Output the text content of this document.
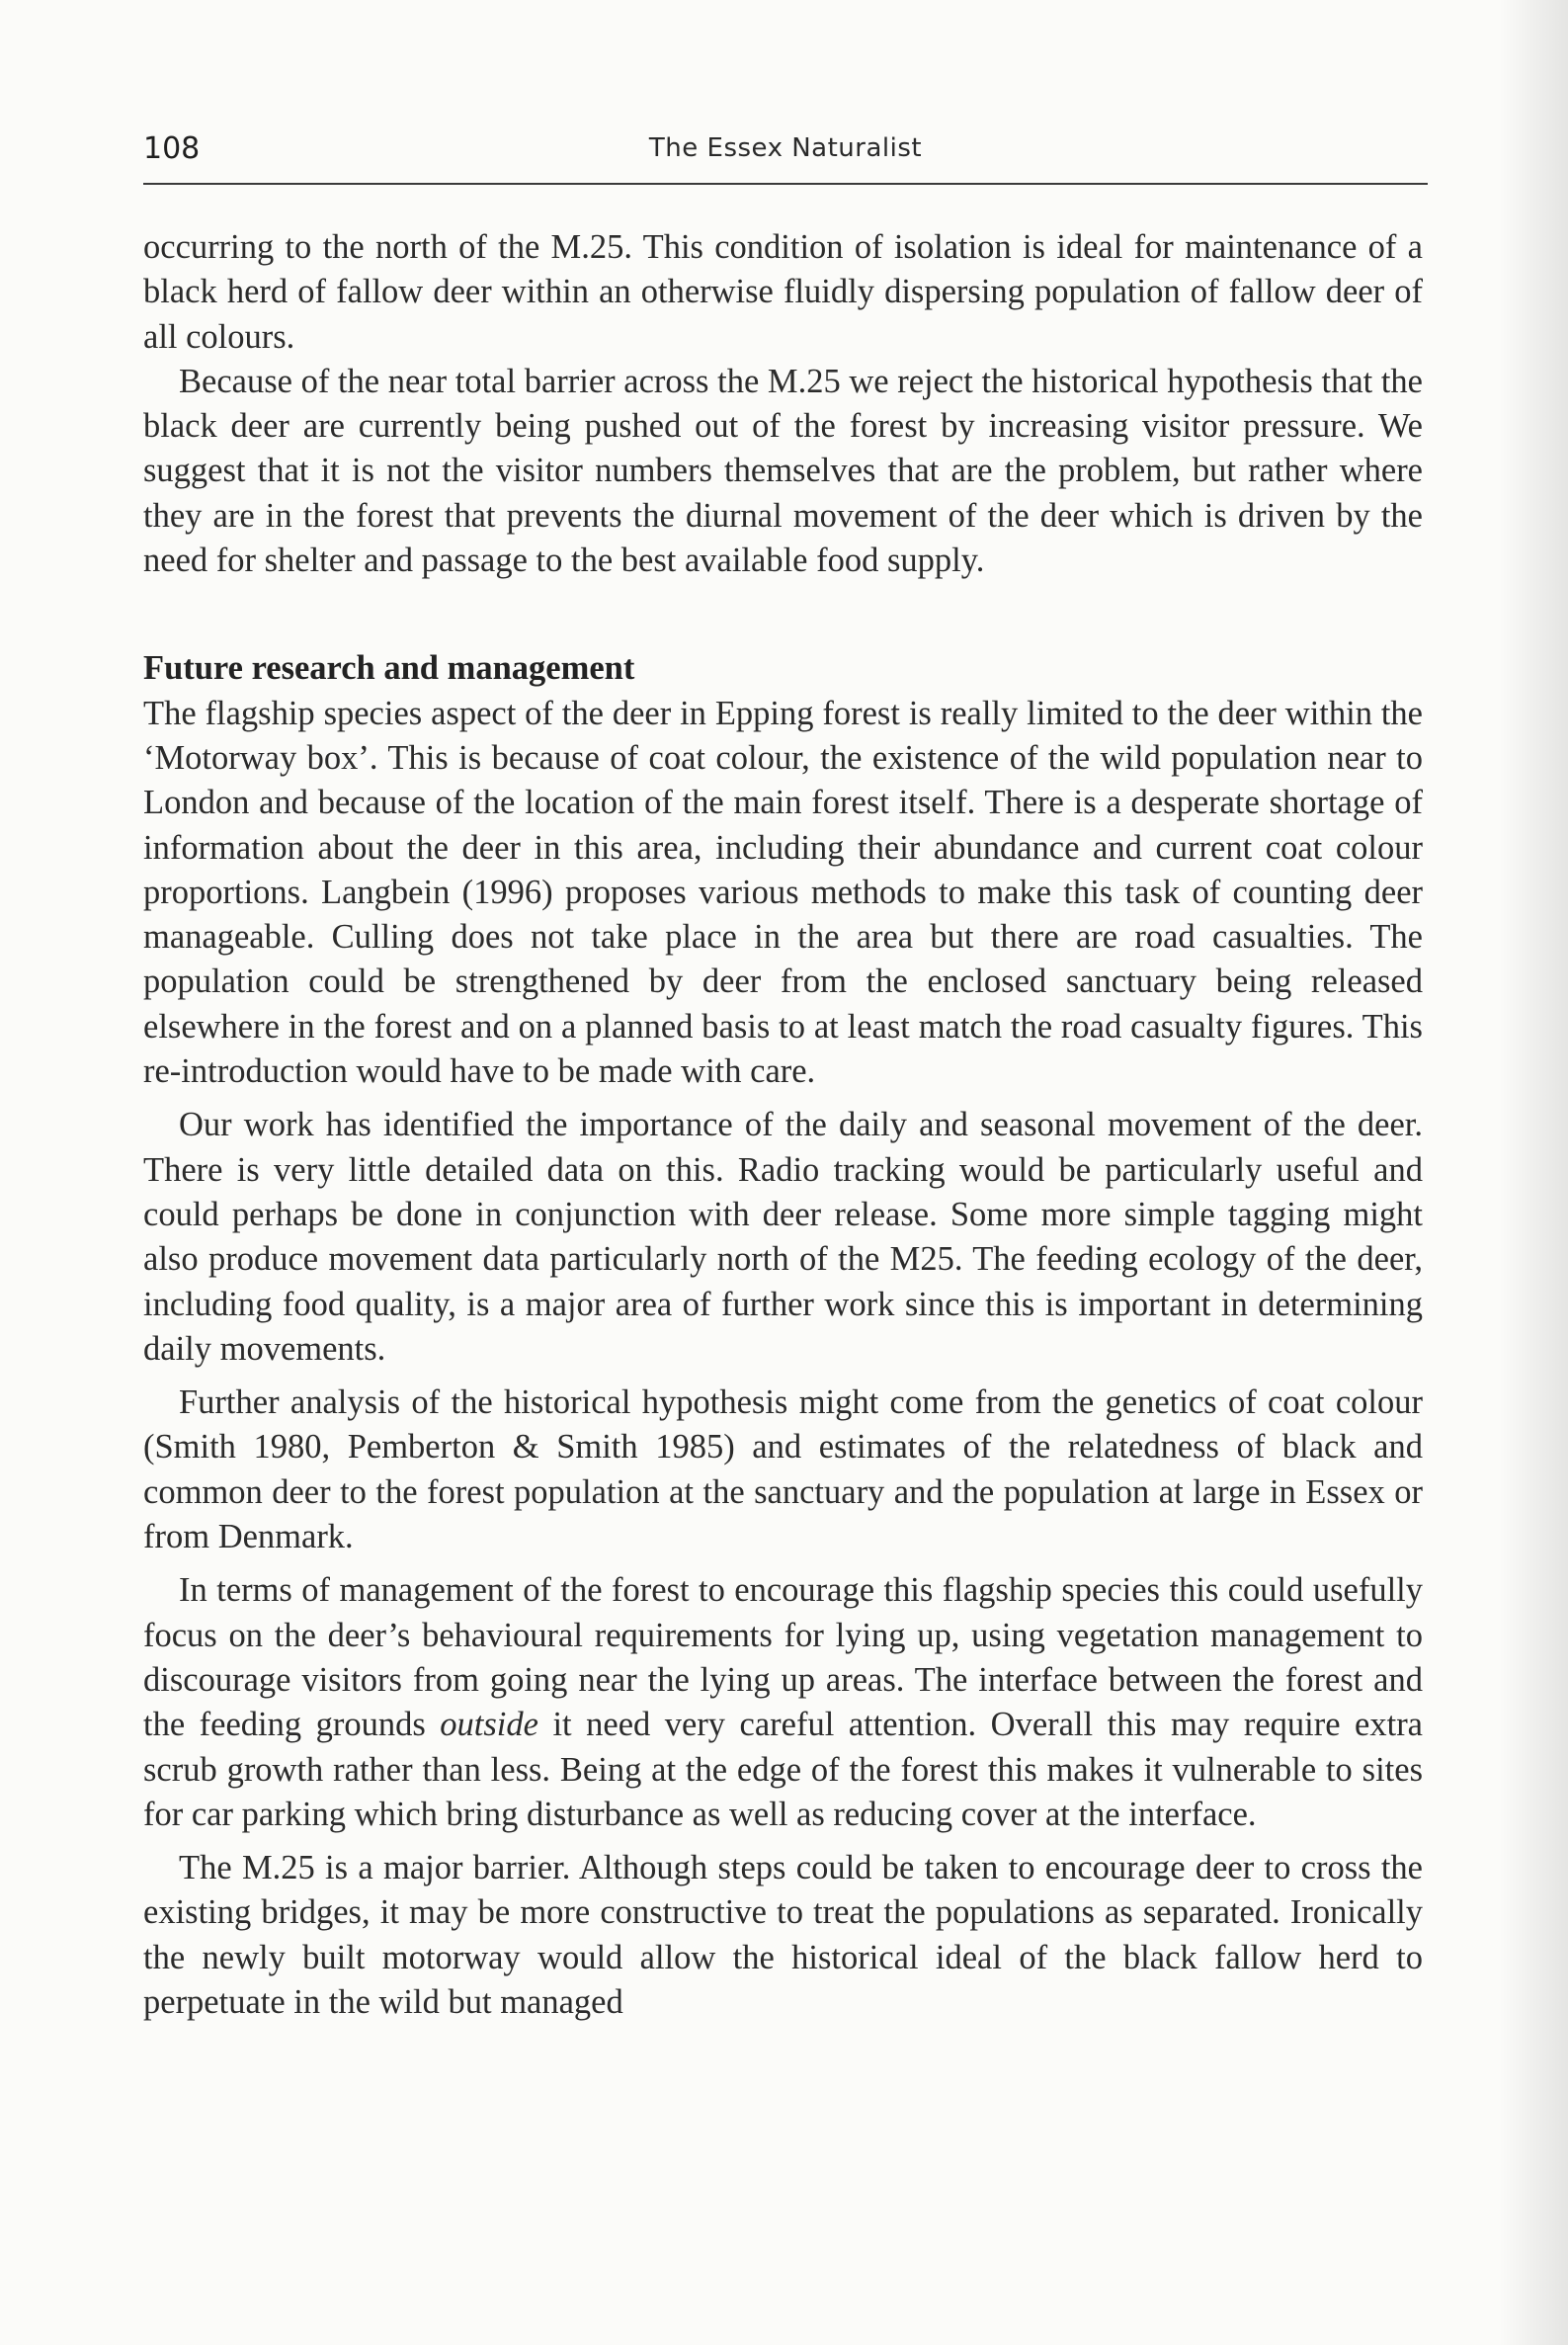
108	The Essex Naturalist

occurring to the north of the M.25. This condition of isolation is ideal for maintenance of a black herd of fallow deer within an otherwise fluidly dispersing population of fallow deer of all colours.

Because of the near total barrier across the M.25 we reject the historical hypothesis that the black deer are currently being pushed out of the forest by increasing visitor pressure. We suggest that it is not the visitor numbers themselves that are the problem, but rather where they are in the forest that prevents the diurnal movement of the deer which is driven by the need for shelter and passage to the best available food supply.

Future research and management

The flagship species aspect of the deer in Epping forest is really limited to the deer within the ‘Motorway box’. This is because of coat colour, the existence of the wild population near to London and because of the location of the main forest itself. There is a desperate shortage of information about the deer in this area, including their abundance and current coat colour proportions. Langbein (1996) proposes various methods to make this task of counting deer manageable. Culling does not take place in the area but there are road casualties. The population could be strengthened by deer from the enclosed sanctuary being released elsewhere in the forest and on a planned basis to at least match the road casualty figures. This re-introduction would have to be made with care.

Our work has identified the importance of the daily and seasonal movement of the deer. There is very little detailed data on this. Radio tracking would be particularly useful and could perhaps be done in conjunction with deer release. Some more simple tagging might also produce movement data particularly north of the M25. The feeding ecology of the deer, including food quality, is a major area of further work since this is important in determining daily movements.

Further analysis of the historical hypothesis might come from the genetics of coat colour (Smith 1980, Pemberton & Smith 1985) and estimates of the relatedness of black and common deer to the forest population at the sanctuary and the population at large in Essex or from Denmark.

In terms of management of the forest to encourage this flagship species this could usefully focus on the deer’s behavioural requirements for lying up, using vegetation management to discourage visitors from going near the lying up areas. The interface between the forest and the feeding grounds outside it need very careful attention. Overall this may require extra scrub growth rather than less. Being at the edge of the forest this makes it vulnerable to sites for car parking which bring disturbance as well as reducing cover at the interface.

The M.25 is a major barrier. Although steps could be taken to encourage deer to cross the existing bridges, it may be more constructive to treat the populations as separated. Ironically the newly built motorway would allow the historical ideal of the black fallow herd to perpetuate in the wild but managed
